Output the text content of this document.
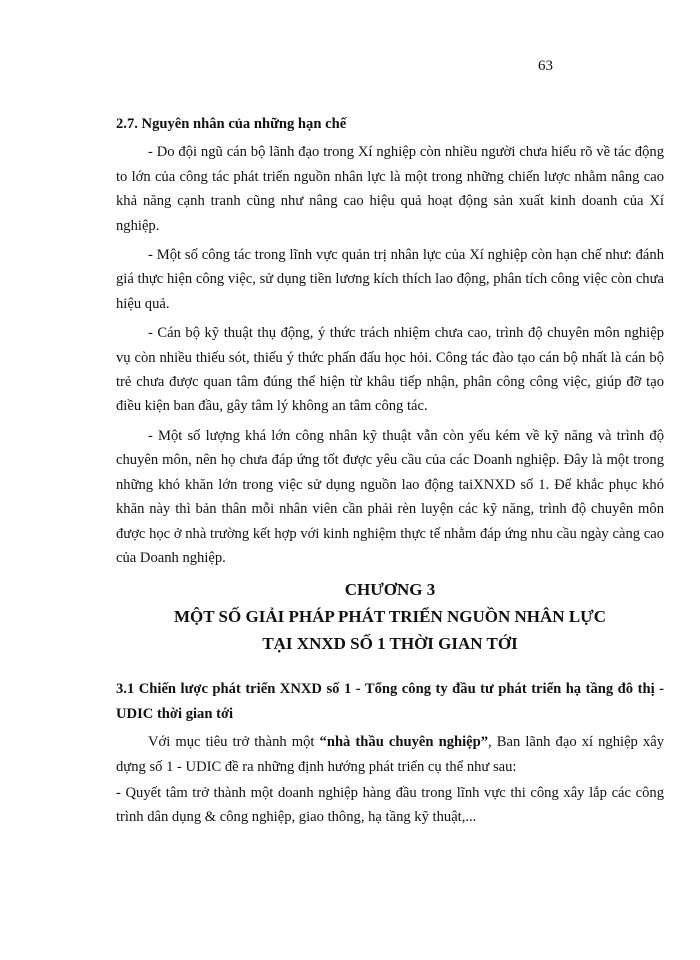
63
2.7. Nguyên nhân của những hạn chế

- Do đội ngũ cán bộ lãnh đạo trong Xí nghiệp còn nhiều người chưa hiểu rõ về tác động to lớn của công tác phát triển nguồn nhân lực là một trong những chiến lược nhằm nâng cao khả năng cạnh tranh cũng như nâng cao hiệu quả hoạt động sản xuất kinh doanh của Xí nghiệp.

- Một số công tác trong lĩnh vực quản trị nhân lực của Xí nghiệp còn hạn chế như: đánh giá thực hiện công việc, sử dụng tiền lương kích thích lao động, phân tích công việc còn chưa hiệu quả.

- Cán bộ kỹ thuật thụ động, ý thức trách nhiệm chưa cao, trình độ chuyên môn nghiệp vụ còn nhiều thiếu sót, thiếu ý thức phấn đấu học hỏi. Công tác đào tạo cán bộ nhất là cán bộ trẻ chưa được quan tâm đúng thể hiện từ khâu tiếp nhận, phân công công việc, giúp đỡ tạo điều kiện ban đầu, gây tâm lý không an tâm công tác.

- Một số lượng khá lớn công nhân kỹ thuật vẫn còn yếu kém về kỹ năng và trình độ chuyên môn, nên họ chưa đáp ứng tốt được yêu cầu của các Doanh nghiệp. Đây là một trong những khó khăn lớn trong việc sử dụng nguồn lao động taiXNXD số 1. Để khắc phục khó khăn này thì bản thân mỗi nhân viên cần phải rèn luyện các kỹ năng, trình độ chuyên môn được học ở nhà trường kết hợp với kinh nghiệm thực tế nhằm đáp ứng nhu cầu ngày càng cao của Doanh nghiệp.

CHƯƠNG 3
MỘT SỐ GIẢI PHÁP PHÁT TRIỂN NGUỒN NHÂN LỰC
TẠI XNXD SỐ 1 THỜI GIAN TỚI
3.1 Chiến lược phát triển XNXD số 1 - Tổng công ty đầu tư phát triển hạ tầng đô thị - UDIC thời gian tới

Với mục tiêu trở thành một “nhà thầu chuyên nghiệp”, Ban lãnh đạo xí nghiệp xây dựng số 1 - UDIC đề ra những định hướng phát triển cụ thể như sau:

- Quyết tâm trở thành một doanh nghiệp hàng đầu trong lĩnh vực thi công xây lắp các công trình dân dụng & công nghiệp, giao thông, hạ tầng kỹ thuật,...
